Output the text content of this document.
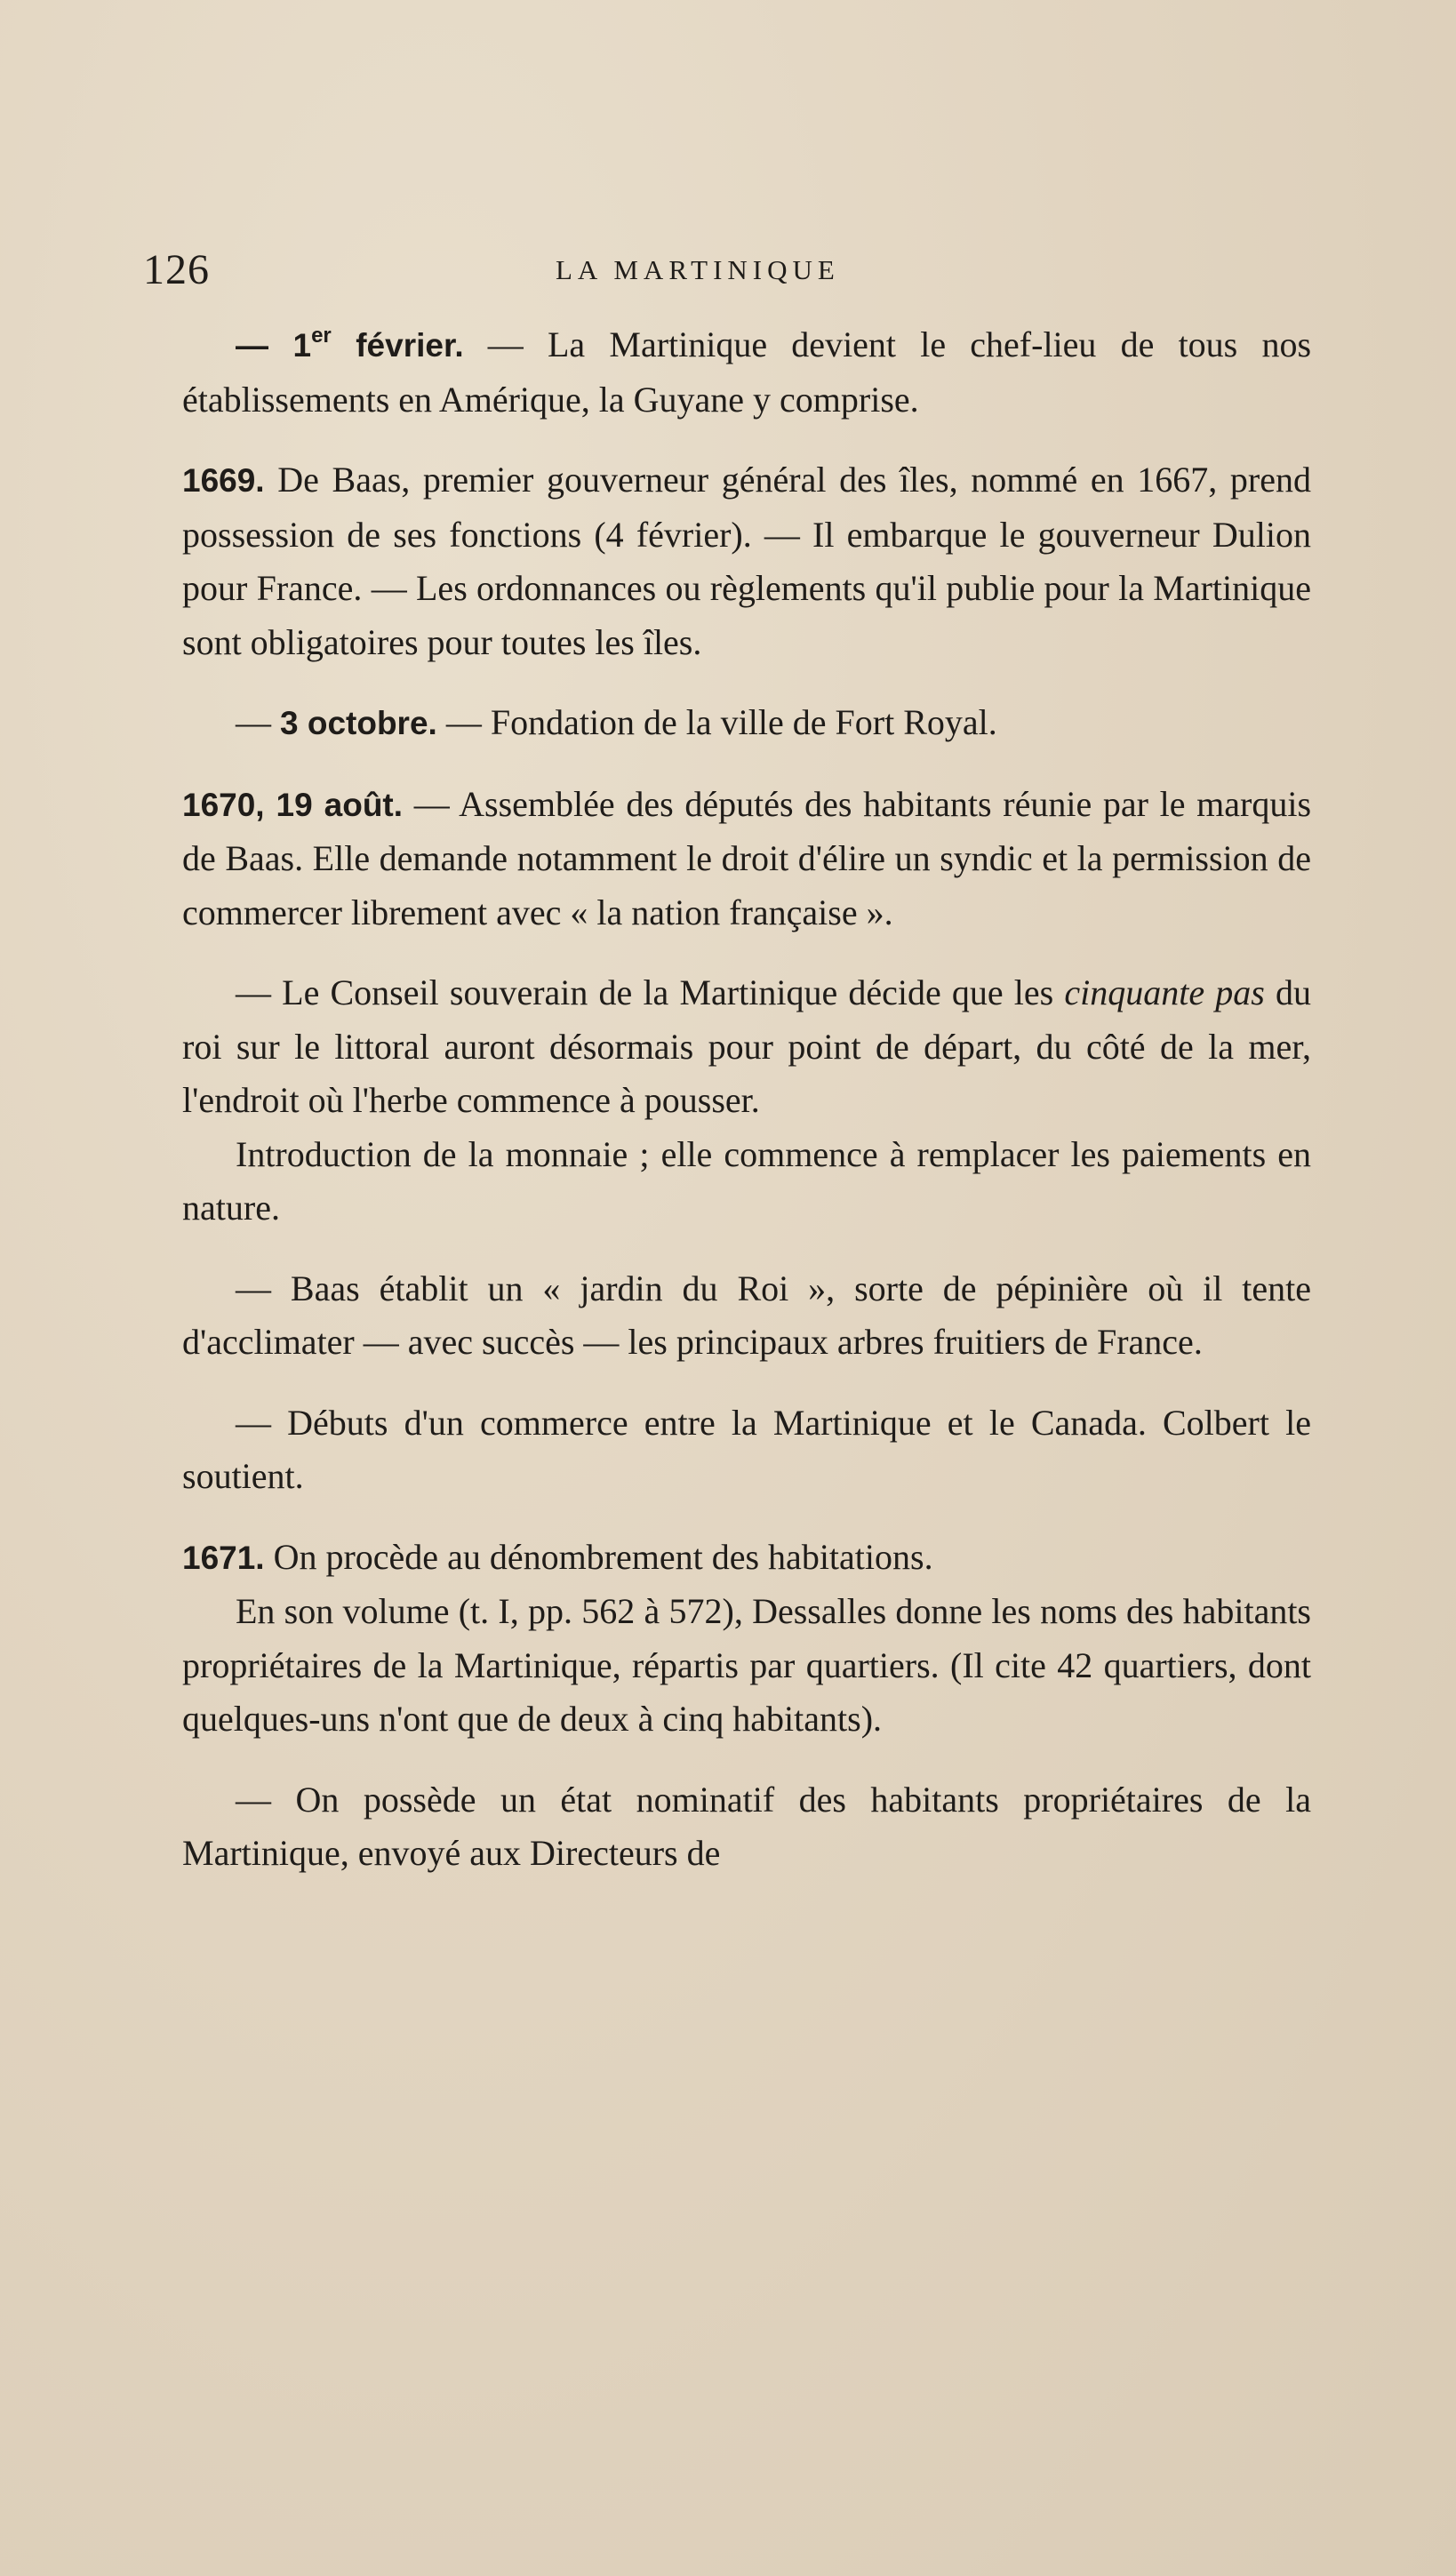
126	LA MARTINIQUE

— 1er février. — La Martinique devient le chef-lieu de tous nos établissements en Amérique, la Guyane y comprise.

1669. De Baas, premier gouverneur général des îles, nommé en 1667, prend possession de ses fonctions (4 février). — Il embarque le gouverneur Dulion pour France. — Les ordonnances ou règlements qu'il publie pour la Martinique sont obligatoires pour toutes les îles.

— 3 octobre. — Fondation de la ville de Fort Royal.

1670, 19 août. — Assemblée des députés des habitants réunie par le marquis de Baas. Elle demande notamment le droit d'élire un syndic et la permission de commercer librement avec « la nation française ».

— Le Conseil souverain de la Martinique décide que les cinquante pas du roi sur le littoral auront désormais pour point de départ, du côté de la mer, l'endroit où l'herbe commence à pousser.

Introduction de la monnaie ; elle commence à remplacer les paiements en nature.

— Baas établit un « jardin du Roi », sorte de pépinière où il tente d'acclimater — avec succès — les principaux arbres fruitiers de France.

— Débuts d'un commerce entre la Martinique et le Canada. Colbert le soutient.

1671. On procède au dénombrement des habitations.

En son volume (t. I, pp. 562 à 572), Dessalles donne les noms des habitants propriétaires de la Martinique, répartis par quartiers. (Il cite 42 quartiers, dont quelques-uns n'ont que de deux à cinq habitants).

— On possède un état nominatif des habitants propriétaires de la Martinique, envoyé aux Directeurs de
